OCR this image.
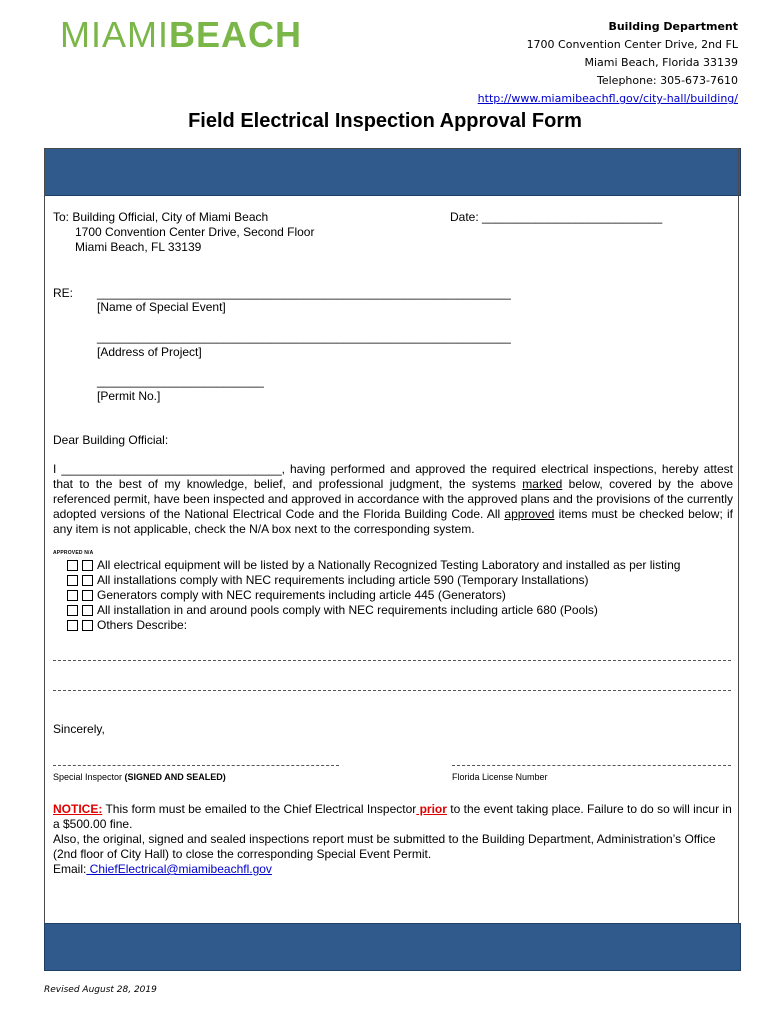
MIAMIBEACH	Building Department
1700 Convention Center Drive, 2nd FL
Miami Beach, Florida 33139
Telephone: 305-673-7610
http://www.miamibeachfl.gov/city-hall/building/
Field Electrical Inspection Approval Form
To: Building Official, City of Miami Beach
1700 Convention Center Drive, Second Floor
Miami Beach, FL 33139
Date: ___________________________
RE: ______________________________________________________________
[Name of Special Event]
______________________________________________________________
[Address of Project]
_________________________
[Permit No.]
Dear Building Official:
I _________________________________, having performed and approved the required electrical inspections, hereby attest that to the best of my knowledge, belief, and professional judgment, the systems marked below, covered by the above referenced permit, have been inspected and approved in accordance with the approved plans and the provisions of the currently adopted versions of the National Electrical Code and the Florida Building Code. All approved items must be checked below; if any item is not applicable, check the N/A box next to the corresponding system.
APPROVED N/A
All electrical equipment will be listed by a Nationally Recognized Testing Laboratory and installed as per listing
All installations comply with NEC requirements including article 590 (Temporary Installations)
Generators comply with NEC requirements including article 445 (Generators)
All installation in and around pools comply with NEC requirements including article 680 (Pools)
Others Describe:
Sincerely,
Special Inspector (SIGNED AND SEALED)	Florida License Number
NOTICE: This form must be emailed to the Chief Electrical Inspector prior to the event taking place. Failure to do so will incur in a $500.00 fine.
Also, the original, signed and sealed inspections report must be submitted to the Building Department, Administration’s Office (2nd floor of City Hall) to close the corresponding Special Event Permit.
Email: ChiefElectrical@miamibeachfl.gov
Revised August 28, 2019
